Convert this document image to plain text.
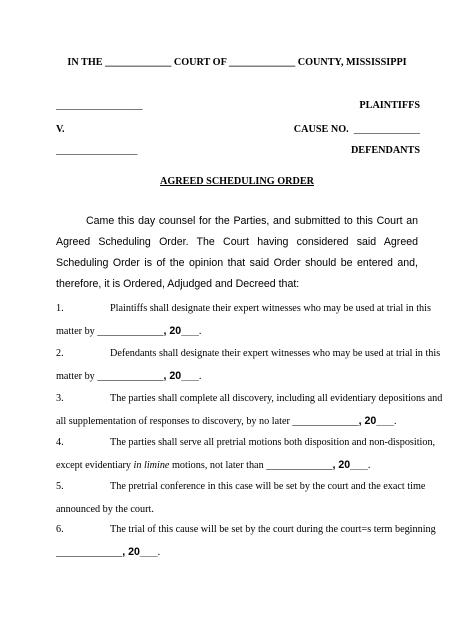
IN THE _____________ COURT OF _____________ COUNTY, MISSISSIPPI
_________________	PLAINTIFFS
V.	CAUSE NO. _____________
________________	DEFENDANTS
AGREED SCHEDULING ORDER
Came this day counsel for the Parties, and submitted to this Court an
Agreed Scheduling Order. The Court having considered said Agreed
Scheduling Order is of the opinion that said Order should be entered and,
therefore, it is Ordered, Adjudged and Decreed that:
1.	Plaintiffs shall designate their expert witnesses who may be used at trial in this
matter by _____________, 20___.
2.	Defendants shall designate their expert witnesses who may be used at trial in this
matter by _____________, 20___.
3.	The parties shall complete all discovery, including all evidentiary depositions and
all supplementation of responses to discovery, by no later _____________, 20___.
4.	The parties shall serve all pretrial motions both disposition and non-disposition,
except evidentiary in limine motions, not later than _____________, 20___.
5.	The pretrial conference in this case will be set by the court and the exact time
announced by the court.
6.	The trial of this cause will be set by the court during the court=s term beginning
_____________, 20___.
